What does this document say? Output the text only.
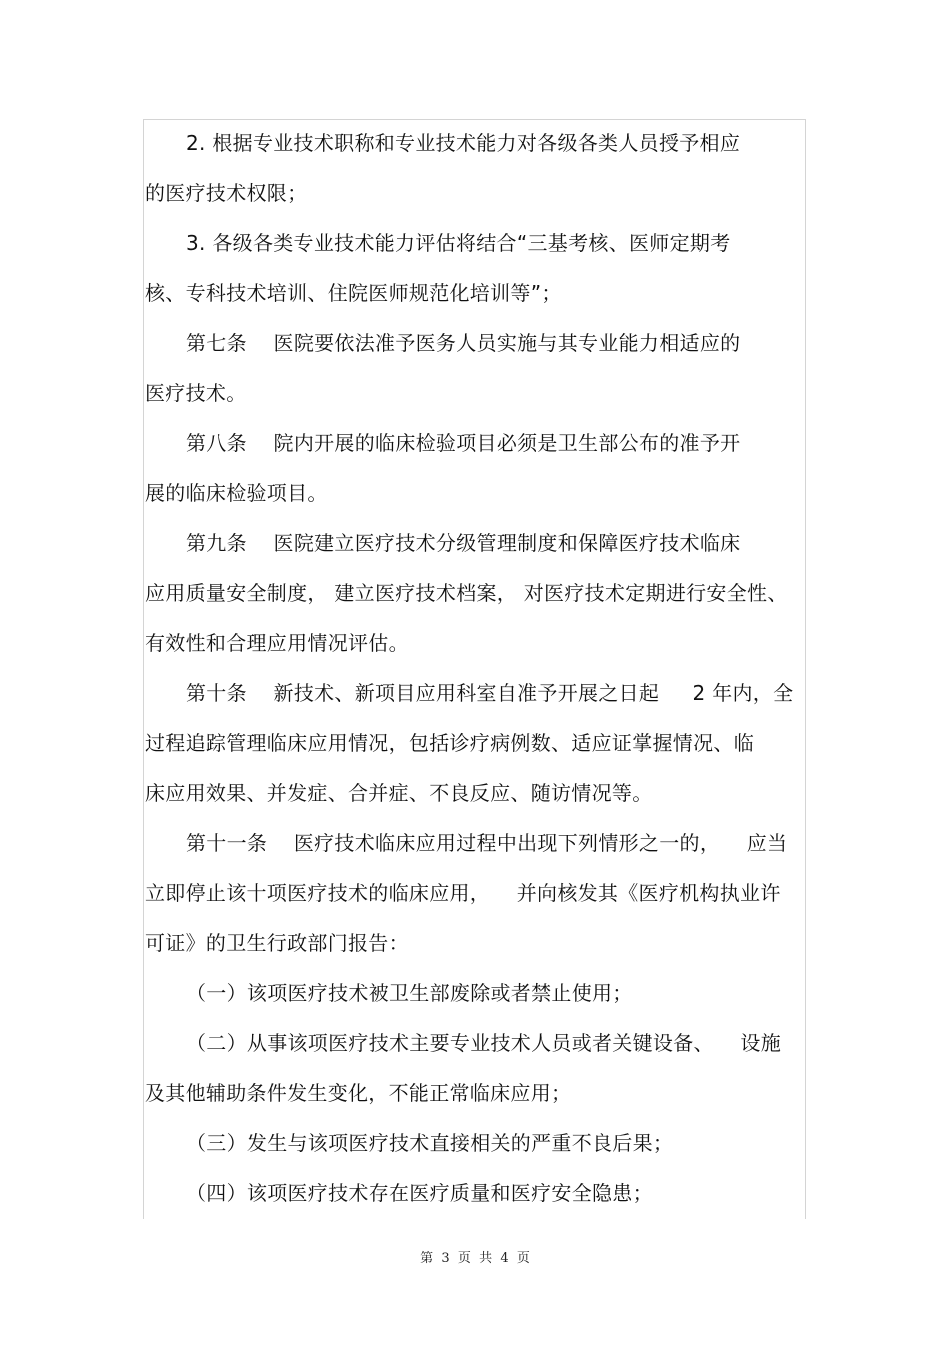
2. 根据专业技术职称和专业技术能力对各级各类人员授予相应
的医疗技术权限；
3. 各级各类专业技术能力评估将结合“三基考核、医师定期考
核、专科技术培训、住院医师规范化培训等”；
第七条    医院要依法准予医务人员实施与其专业能力相适应的
医疗技术。
第八条    院内开展的临床检验项目必须是卫生部公布的准予开
展的临床检验项目。
第九条    医院建立医疗技术分级管理制度和保障医疗技术临床
应用质量安全制度， 建立医疗技术档案， 对医疗技术定期进行安全性、
有效性和合理应用情况评估。
第十条    新技术、新项目应用科室自准予开展之日起     2 年内，全
过程追踪管理临床应用情况，包括诊疗病例数、适应证掌握情况、临
床应用效果、并发症、合并症、不良反应、随访情况等。
第十一条    医疗技术临床应用过程中出现下列情形之一的，    应当
立即停止该十项医疗技术的临床应用，    并向核发其《医疗机构执业许
可证》的卫生行政部门报告：
（一）该项医疗技术被卫生部废除或者禁止使用；
（二）从事该项医疗技术主要专业技术人员或者关键设备、    设施
及其他辅助条件发生变化，不能正常临床应用；
（三）发生与该项医疗技术直接相关的严重不良后果；
（四）该项医疗技术存在医疗质量和医疗安全隐患；
第  3  页  共  4  页
